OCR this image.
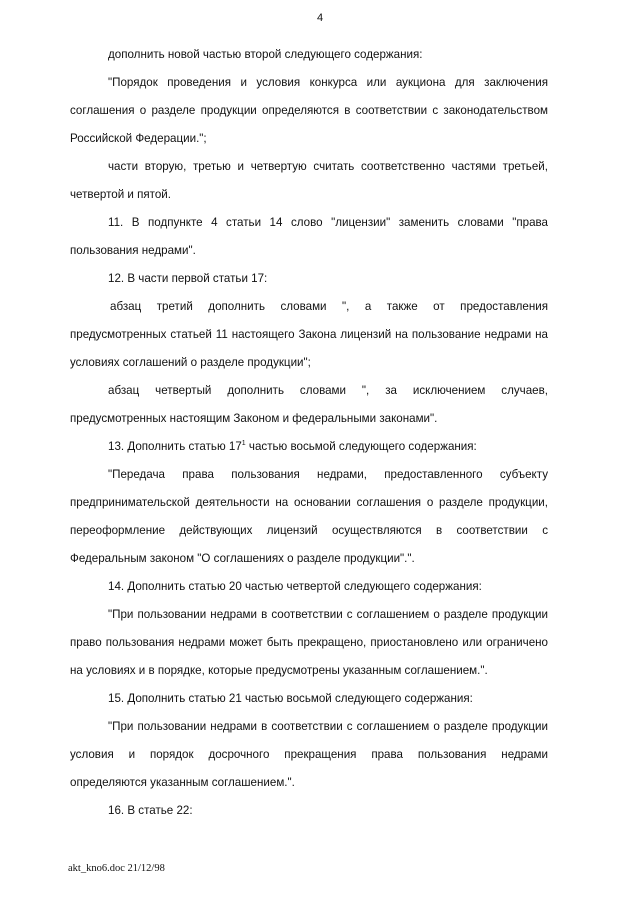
4

дополнить новой частью второй следующего содержания:

"Порядок проведения и условия конкурса или аукциона для заключения

соглашения о разделе продукции определяются в соответствии с законодательством

Российской Федерации.";

части вторую, третью и четвертую считать соответственно частями третьей,

четвертой и пятой.

11. В подпункте 4 статьи 14 слово "лицензии" заменить словами "права

пользования недрами".

12. В части первой статьи 17:

абзац третий дополнить словами ", а также от предоставления

предусмотренных статьей 11 настоящего Закона лицензий на пользование недрами на

условиях соглашений о разделе продукции";

абзац четвертый дополнить словами ", за исключением случаев,

предусмотренных настоящим Законом и федеральными законами".

13. Дополнить статью $17^1$ частью восьмой следующего содержания:

"Передача права пользования недрами, предоставленного субъекту

предпринимательской деятельности на основании соглашения о разделе продукции,

переоформление действующих лицензий осуществляются в соответствии с

Федеральным законом "О соглашениях о разделе продукции".".

14. Дополнить статью 20 частью четвертой следующего содержания:

"При пользовании недрами в соответствии с соглашением о разделе продукции

право пользования недрами может быть прекращено, приостановлено или ограничено

на условиях и в порядке, которые предусмотрены указанным соглашением.".

15. Дополнить статью 21 частью восьмой следующего содержания:

"При пользовании недрами в соответствии с соглашением о разделе продукции

условия и порядок досрочного прекращения права пользования недрами

определяются указанным соглашением.".

16. В статье 22:

akt_kno6.doc 21/12/98
